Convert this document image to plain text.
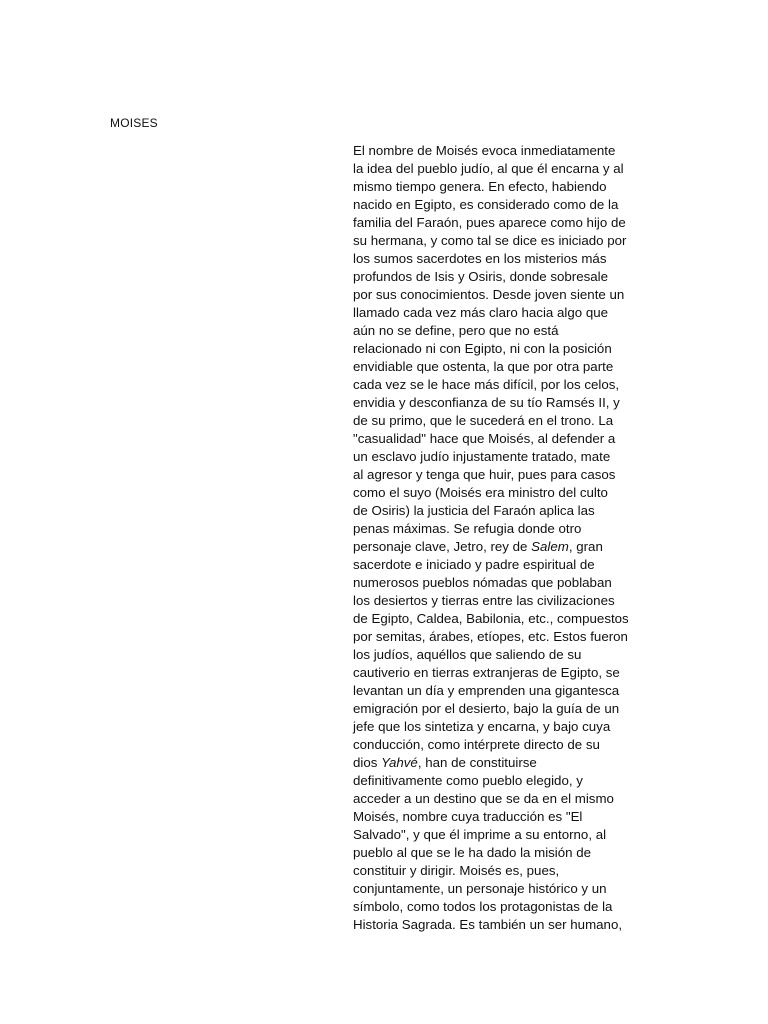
MOISES

El nombre de Moisés evoca inmediatamente
la idea del pueblo judío, al que él encarna y al
mismo tiempo genera. En efecto, habiendo
nacido en Egipto, es considerado como de la
familia del Faraón, pues aparece como hijo de
su hermana, y como tal se dice es iniciado por
los sumos sacerdotes en los misterios más
profundos de Isis y Osiris, donde sobresale
por sus conocimientos. Desde joven siente un
llamado cada vez más claro hacia algo que
aún no se define, pero que no está
relacionado ni con Egipto, ni con la posición
envidiable que ostenta, la que por otra parte
cada vez se le hace más difícil, por los celos,
envidia y desconfianza de su tío Ramsés II, y
de su primo, que le sucederá en el trono. La
"casualidad" hace que Moisés, al defender a
un esclavo judío injustamente tratado, mate
al agresor y tenga que huir, pues para casos
como el suyo (Moisés era ministro del culto
de Osiris) la justicia del Faraón aplica las
penas máximas. Se refugia donde otro
personaje clave, Jetro, rey de Salem, gran
sacerdote e iniciado y padre espiritual de
numerosos pueblos nómadas que poblaban
los desiertos y tierras entre las civilizaciones
de Egipto, Caldea, Babilonia, etc., compuestos
por semitas, árabes, etíopes, etc. Estos fueron
los judíos, aquéllos que saliendo de su
cautiverio en tierras extranjeras de Egipto, se
levantan un día y emprenden una gigantesca
emigración por el desierto, bajo la guía de un
jefe que los sintetiza y encarna, y bajo cuya
conducción, como intérprete directo de su
dios Yahvé, han de constituirse
definitivamente como pueblo elegido, y
acceder a un destino que se da en el mismo
Moisés, nombre cuya traducción es "El
Salvado", y que él imprime a su entorno, al
pueblo al que se le ha dado la misión de
constituir y dirigir. Moisés es, pues,
conjuntamente, un personaje histórico y un
símbolo, como todos los protagonistas de la
Historia Sagrada. Es también un ser humano,
